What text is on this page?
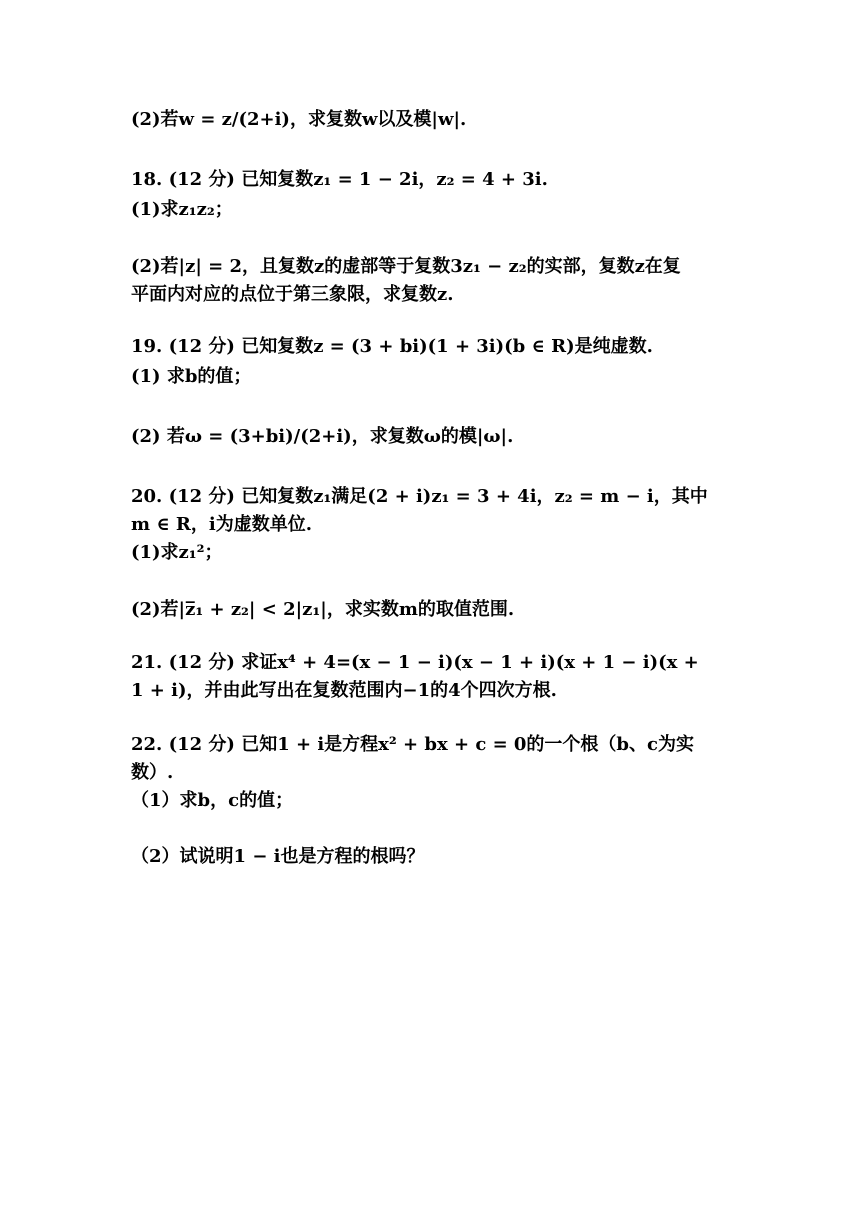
(2)若w = z/(2+i)，求复数w以及模|w|.
18. (12 分) 已知复数z₁ = 1 − 2i，z₂ = 4 + 3i.
(1)求z₁z₂；
(2)若|z| = 2，且复数z的虚部等于复数3z₁ − z₂的实部，复数z在复
平面内对应的点位于第三象限，求复数z.
19. (12 分) 已知复数z = (3 + bi)(1 + 3i)(b ∈ R)是纯虚数.
(1) 求b的值；
(2) 若ω = (3+bi)/(2+i)，求复数ω的模|ω|.
20. (12 分) 已知复数z₁满足(2 + i)z₁ = 3 + 4i，z₂ = m − i，其中
m ∈ R，i为虚数单位.
(1)求z₁²；
(2)若|z̅₁ + z₂| < 2|z₁|，求实数m的取值范围.
21. (12 分) 求证x⁴ + 4=(x − 1 − i)(x − 1 + i)(x + 1 − i)(x +
1 + i)，并由此写出在复数范围内−1的4个四次方根.
22. (12 分) 已知1 + i是方程x² + bx + c = 0的一个根（b、c为实
数）.
（1）求b，c的值；
（2）试说明1 − i也是方程的根吗？
